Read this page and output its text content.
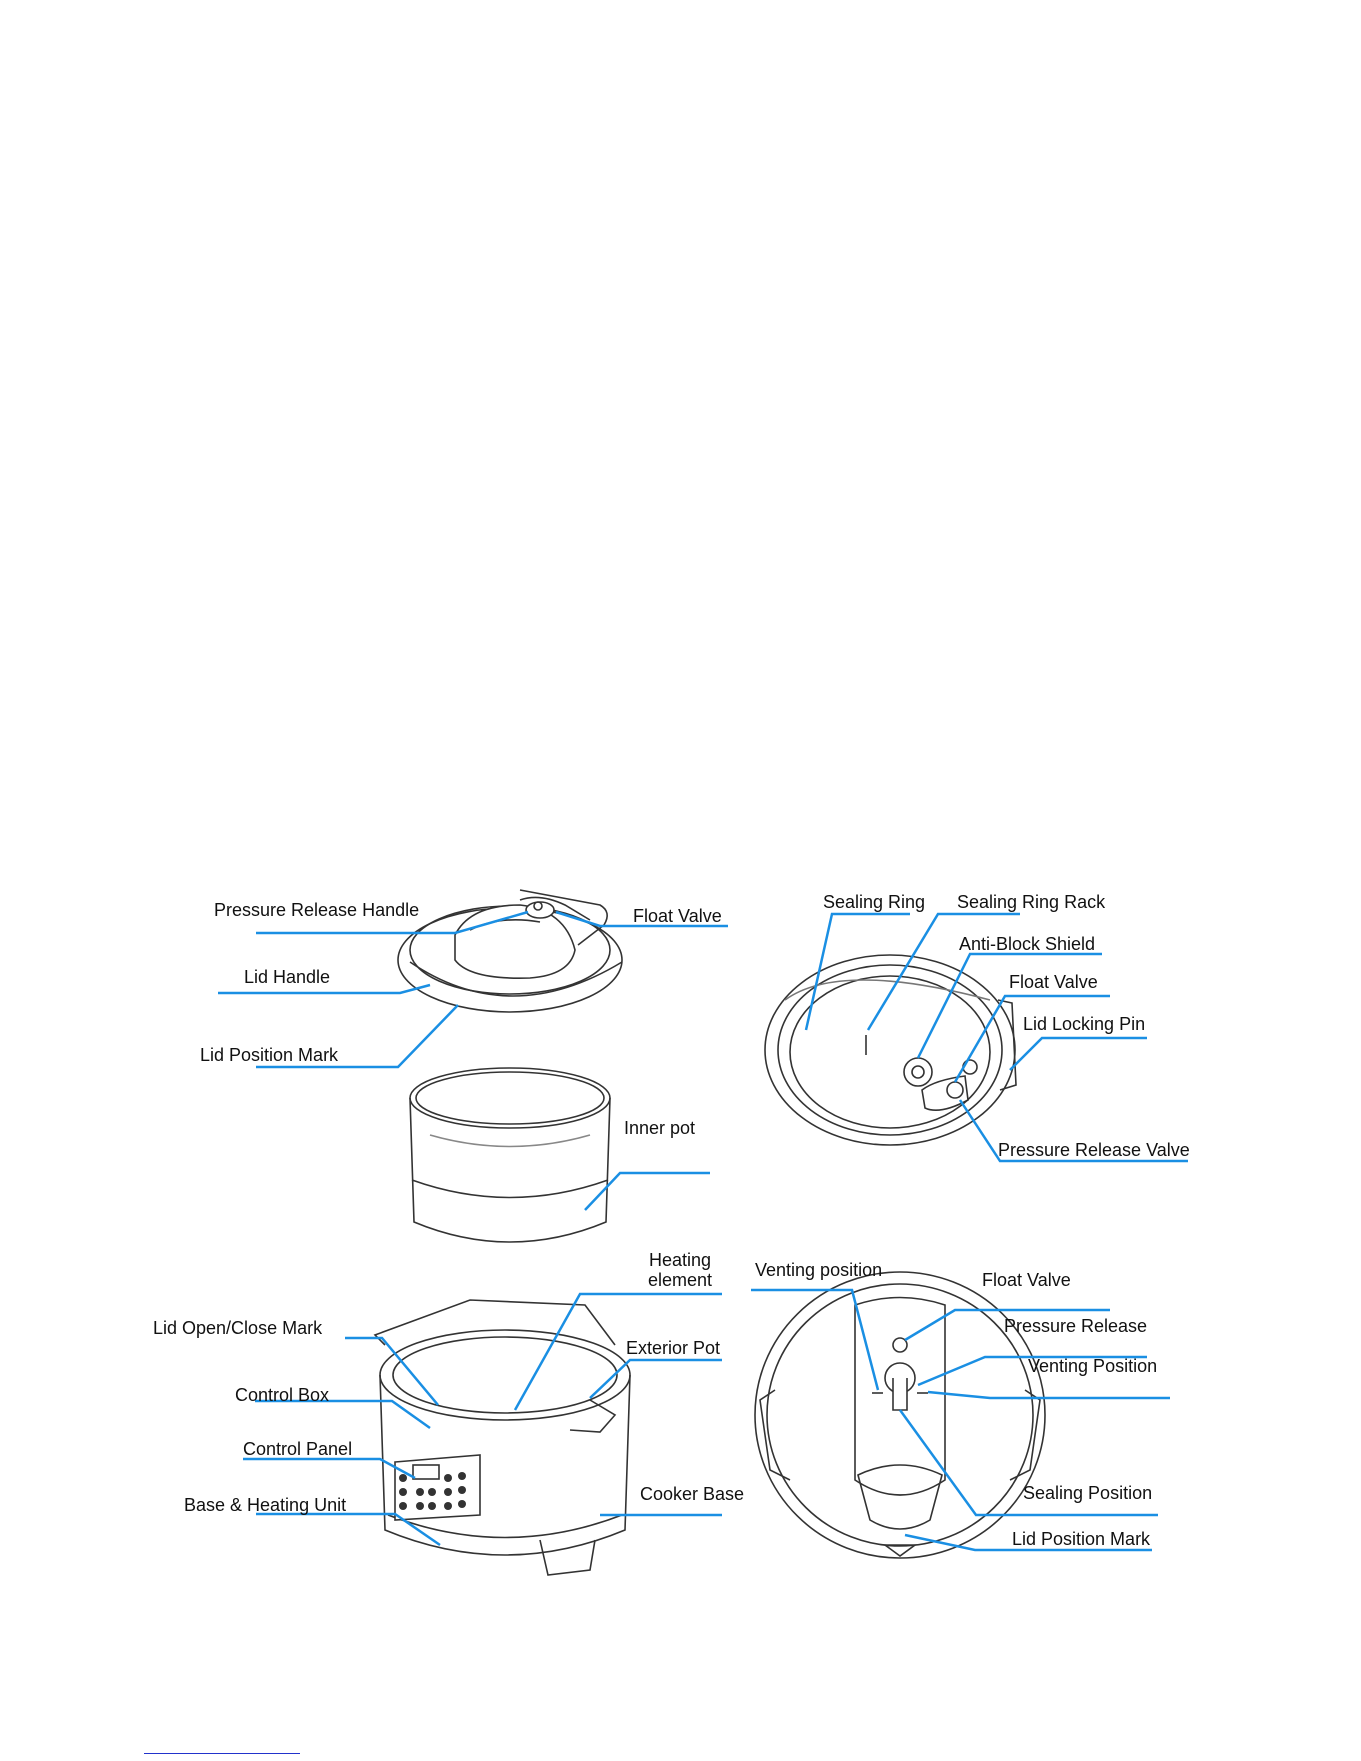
Pressure Release Handle	Float Valve
Lid Handle
Lid Position Mark
Inner pot
Sealing Ring Sealing Ring Rack
Anti-Block Shield
Float Valve
Lid Locking Pin
Pressure Release Valve
Heating element
Lid Open/Close Mark
Exterior Pot
Control Box
Control Panel
Base & Heating Unit
Cooker Base
Venting position	Float Valve
Pressure Release
Venting Position
Sealing Position
Lid Position Mark
